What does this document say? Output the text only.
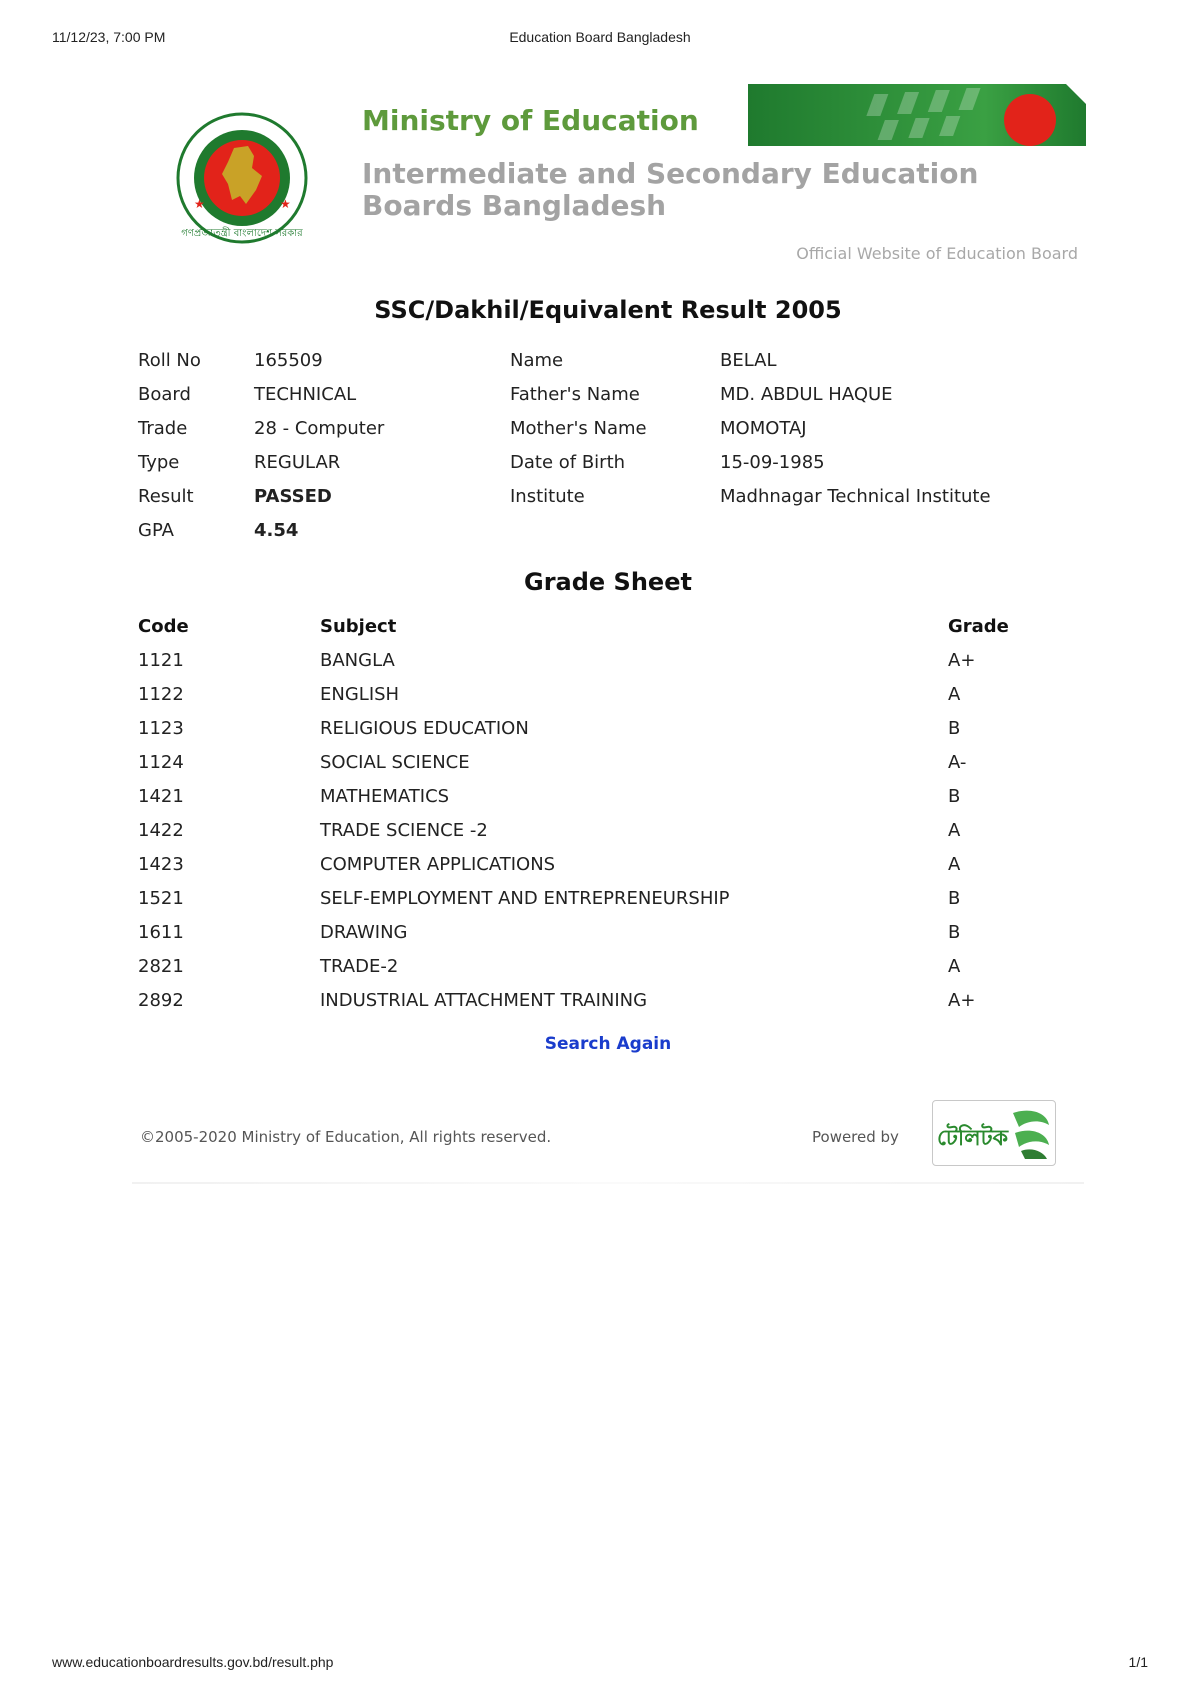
11/12/23, 7:00 PM	Education Board Bangladesh
★	★
গণপ্রজাতন্ত্রী বাংলাদেশ সরকার
Ministry of Education
Intermediate and Secondary Education Boards Bangladesh
Official Website of Education Board
SSC/Dakhil/Equivalent Result 2005
Roll No	165509	Name	BELAL
Board	TECHNICAL	Father's Name	MD. ABDUL HAQUE
Trade	28 - Computer	Mother's Name	MOMOTAJ
Type	REGULAR	Date of Birth	15-09-1985
Result	PASSED	Institute	Madhnagar Technical Institute
GPA	4.54
Grade Sheet
Code	Subject	Grade
1121	BANGLA	A+
1122	ENGLISH	A
1123	RELIGIOUS EDUCATION	B
1124	SOCIAL SCIENCE	A-
1421	MATHEMATICS	B
1422	TRADE SCIENCE -2	A
1423	COMPUTER APPLICATIONS	A
1521	SELF-EMPLOYMENT AND ENTREPRENEURSHIP	B
1611	DRAWING	B
2821	TRADE-2	A
2892	INDUSTRIAL ATTACHMENT TRAINING	A+
Search Again
©2005-2020 Ministry of Education, All rights reserved.	Powered by টেলিটক
www.educationboardresults.gov.bd/result.php	1/1
